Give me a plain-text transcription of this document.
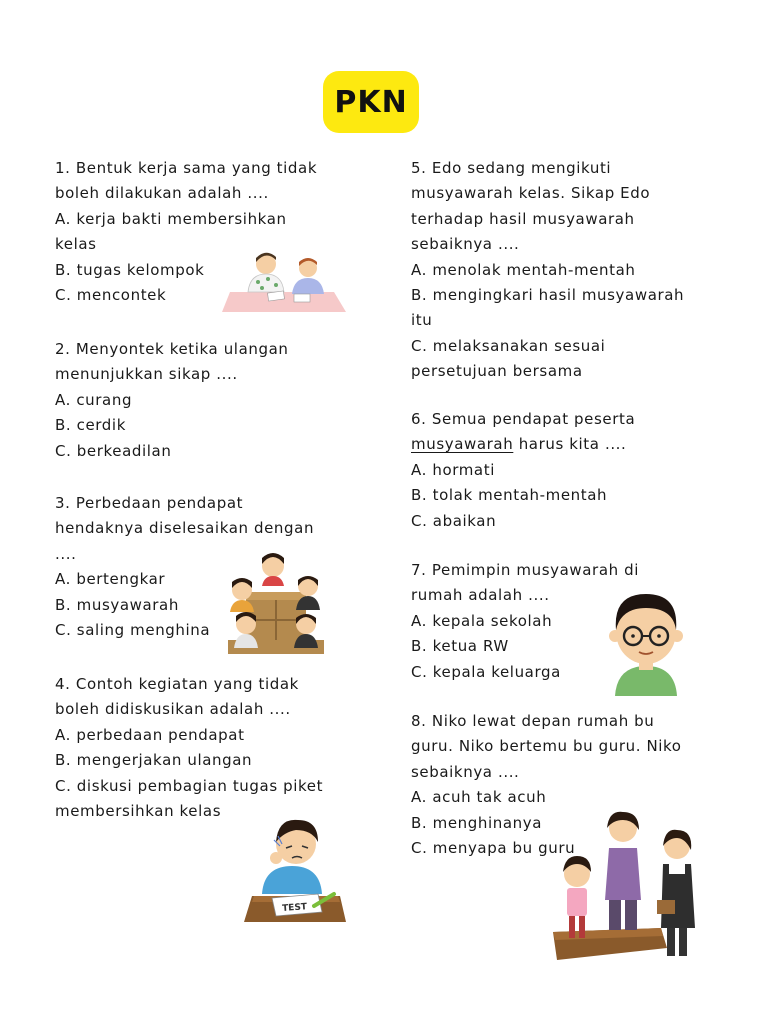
PKN
1. Bentuk kerja sama yang tidak
boleh dilakukan adalah ....
A. kerja bakti membersihkan
kelas
B. tugas kelompok
C. mencontek
2. Menyontek ketika ulangan
menunjukkan sikap ....
A. curang
B. cerdik
C. berkeadilan
3. Perbedaan pendapat
hendaknya diselesaikan dengan
....
A. bertengkar
B. musyawarah
C. saling menghina
4. Contoh kegiatan yang tidak
boleh didiskusikan adalah ....
A. perbedaan pendapat
B. mengerjakan ulangan
C. diskusi pembagian tugas piket
membersihkan kelas
5. Edo sedang mengikuti
musyawarah kelas. Sikap Edo
terhadap hasil musyawarah
sebaiknya ....
A. menolak mentah-mentah
B. mengingkari hasil musyawarah
itu
C. melaksanakan sesuai
persetujuan bersama
6. Semua pendapat peserta
musyawarah harus kita ....
A. hormati
B. tolak mentah-mentah
C. abaikan
7. Pemimpin musyawarah di
rumah adalah ....
A. kepala sekolah
B. ketua RW
C. kepala keluarga
8. Niko lewat depan rumah bu
guru. Niko bertemu bu guru. Niko
sebaiknya ....
A. acuh tak acuh
B. menghinanya
C. menyapa bu guru
TEST
